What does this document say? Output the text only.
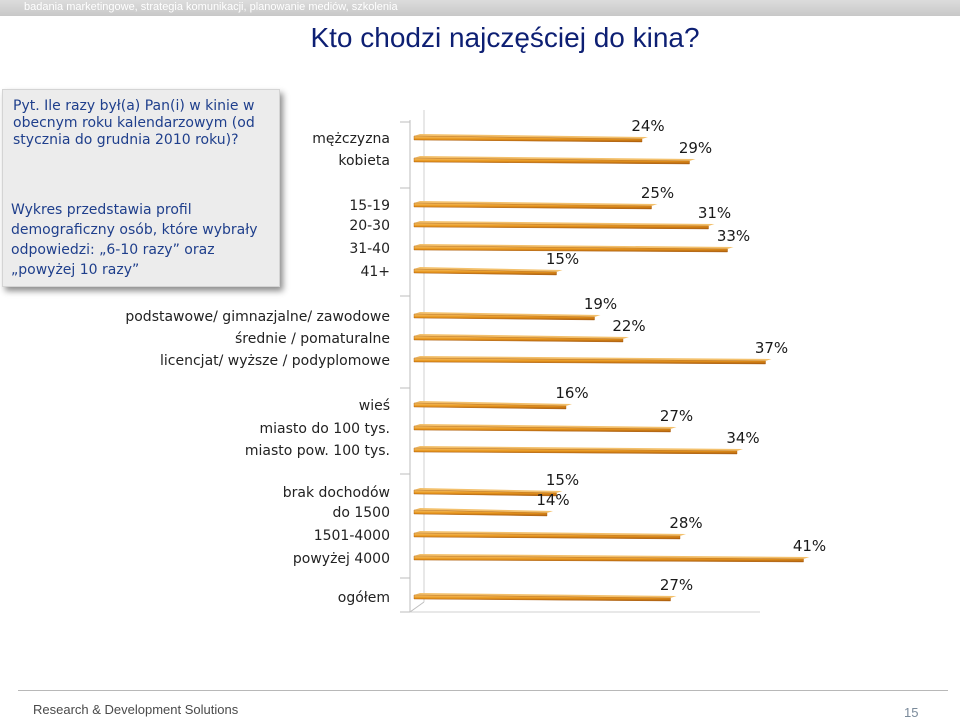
badania marketingowe, strategia komunikacji, planowanie mediów, szkolenia
Kto chodzi najczęściej do kina?

Pyt. Ile razy był(a) Pan(i) w kinie w obecnym roku kalendarzowym (od stycznia do grudnia 2010 roku)?

Wykres przedstawia profil demograficzny osób, które wybrały odpowiedzi: „6-10 razy” oraz „powyżej 10 razy”

mężczyzna
24%
kobieta
29%
15-19
25%
20-30
31%
31-40
33%
41+
15%
podstawowe/ gimnazjalne/ zawodowe
19%
średnie / pomaturalne
22%
licencjat/ wyższe / podyplomowe
37%
wieś
16%
miasto do 100 tys.
27%
miasto pow. 100 tys.
34%
brak dochodów
15%
do 1500
14%
1501-4000
28%
powyżej 4000
41%
ogółem
27%
Research & Development Solutions	15
